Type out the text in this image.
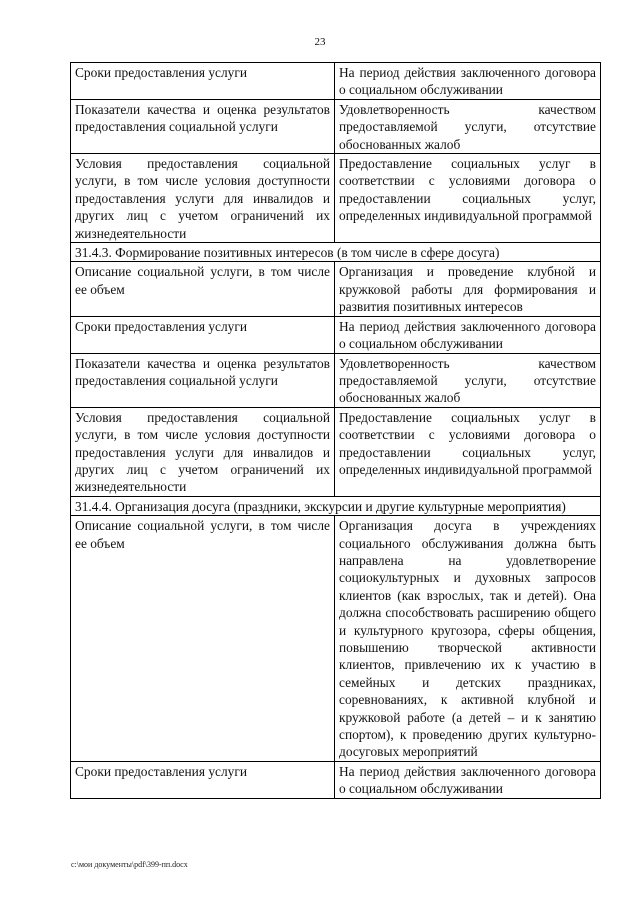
23
Сроки предоставления услуги	На период действия заключенного договора о социальном обслуживании
Показатели качества и оценка результатов предоставления социальной услуги	Удовлетворенность качеством предоставляемой услуги, отсутствие обоснованных жалоб
Условия предоставления социальной услуги, в том числе условия доступности предоставления услуги для инвалидов и других лиц с учетом ограничений их жизнедеятельности	Предоставление социальных услуг в соответствии с условиями договора о предоставлении социальных услуг, определенных индивидуальной программой
31.4.3. Формирование позитивных интересов (в том числе в сфере досуга)	
Описание социальной услуги, в том числе ее объем	Организация и проведение клубной и кружковой работы для формирования и развития позитивных интересов
Сроки предоставления услуги	На период действия заключенного договора о социальном обслуживании
Показатели качества и оценка результатов предоставления социальной услуги	Удовлетворенность качеством предоставляемой услуги, отсутствие обоснованных жалоб
Условия предоставления социальной услуги, в том числе условия доступности предоставления услуги для инвалидов и других лиц с учетом ограничений их жизнедеятельности	Предоставление социальных услуг в соответствии с условиями договора о предоставлении социальных услуг, определенных индивидуальной программой
31.4.4. Организация досуга (праздники, экскурсии и другие культурные мероприятия)	
Описание социальной услуги, в том числе ее объем	Организация досуга в учреждениях социального обслуживания должна быть направлена на удовлетворение социокультурных и духовных запросов клиентов (как взрослых, так и детей). Она должна способствовать расширению общего и культурного кругозора, сферы общения, повышению творческой активности клиентов, привлечению их к участию в семейных и детских праздниках, соревнованиях, к активной клубной и кружковой работе (а детей – и к занятию спортом), к проведению других культурно-досуговых мероприятий
Сроки предоставления услуги	На период действия заключенного договора о социальном обслуживании
c:\мои документы\pdf\399-пп.docx
